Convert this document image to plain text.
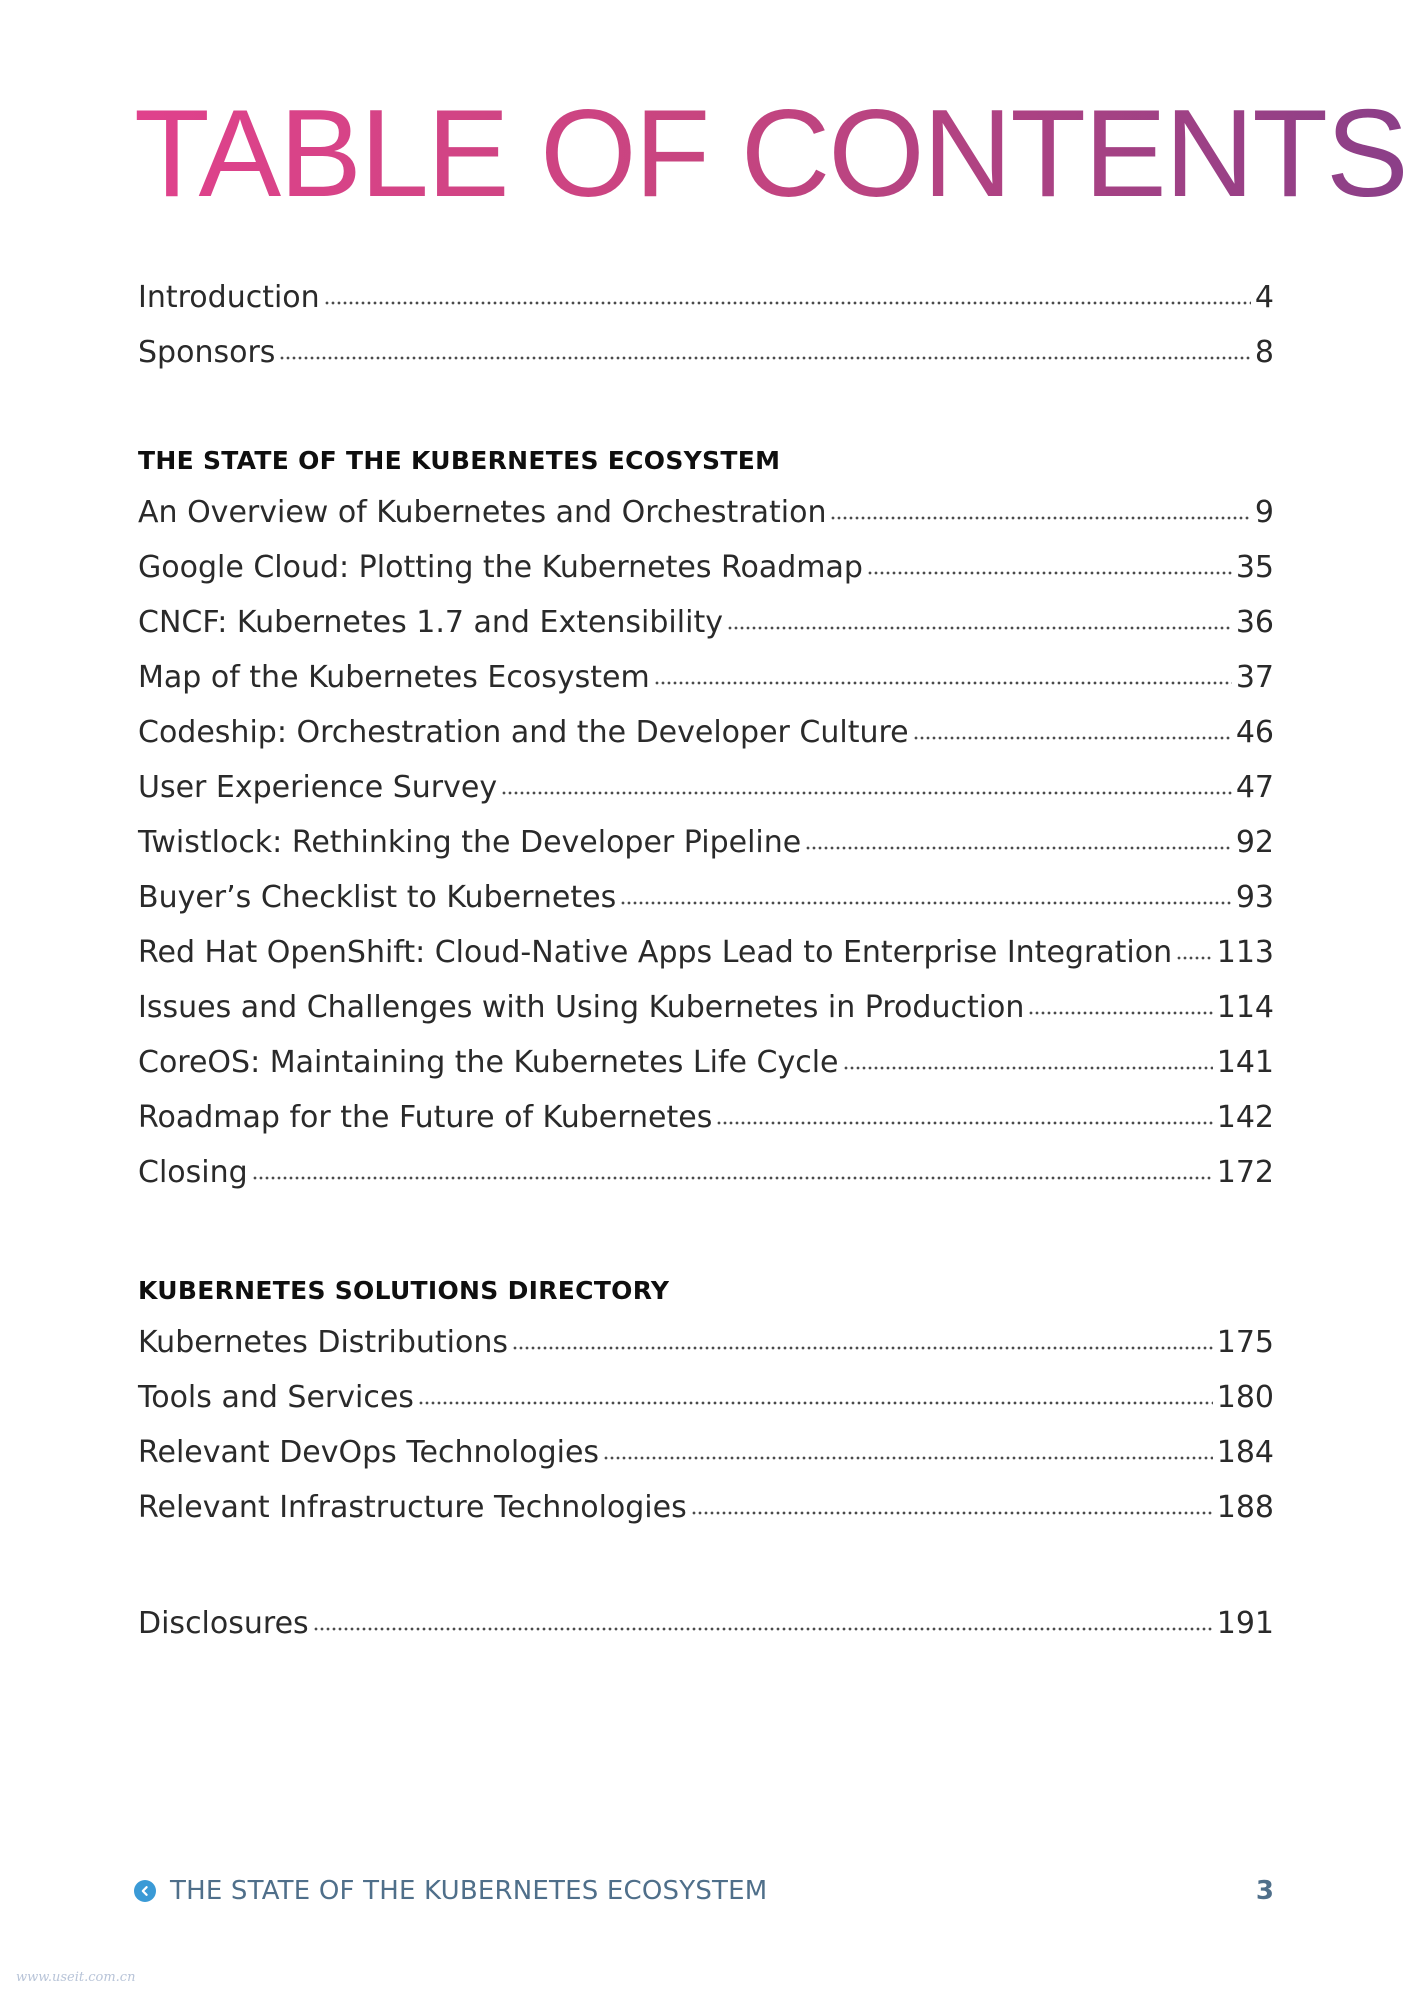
TABLE OF CONTENTS
Introduction	4
Sponsors	8
THE STATE OF THE KUBERNETES ECOSYSTEM
An Overview of Kubernetes and Orchestration	9
Google Cloud: Plotting the Kubernetes Roadmap	35
CNCF: Kubernetes 1.7 and Extensibility	36
Map of the Kubernetes Ecosystem	37
Codeship: Orchestration and the Developer Culture	46
User Experience Survey	47
Twistlock: Rethinking the Developer Pipeline	92
Buyer’s Checklist to Kubernetes	93
Red Hat OpenShift: Cloud-Native Apps Lead to Enterprise Integration 113
Issues and Challenges with Using Kubernetes in Production	114
CoreOS: Maintaining the Kubernetes Life Cycle	141
Roadmap for the Future of Kubernetes	142
Closing	172
KUBERNETES SOLUTIONS DIRECTORY
Kubernetes Distributions	175
Tools and Services	180
Relevant DevOps Technologies	184
Relevant Infrastructure Technologies	188
Disclosures	191
THE STATE OF THE KUBERNETES ECOSYSTEM	3
www.useit.com.cn
